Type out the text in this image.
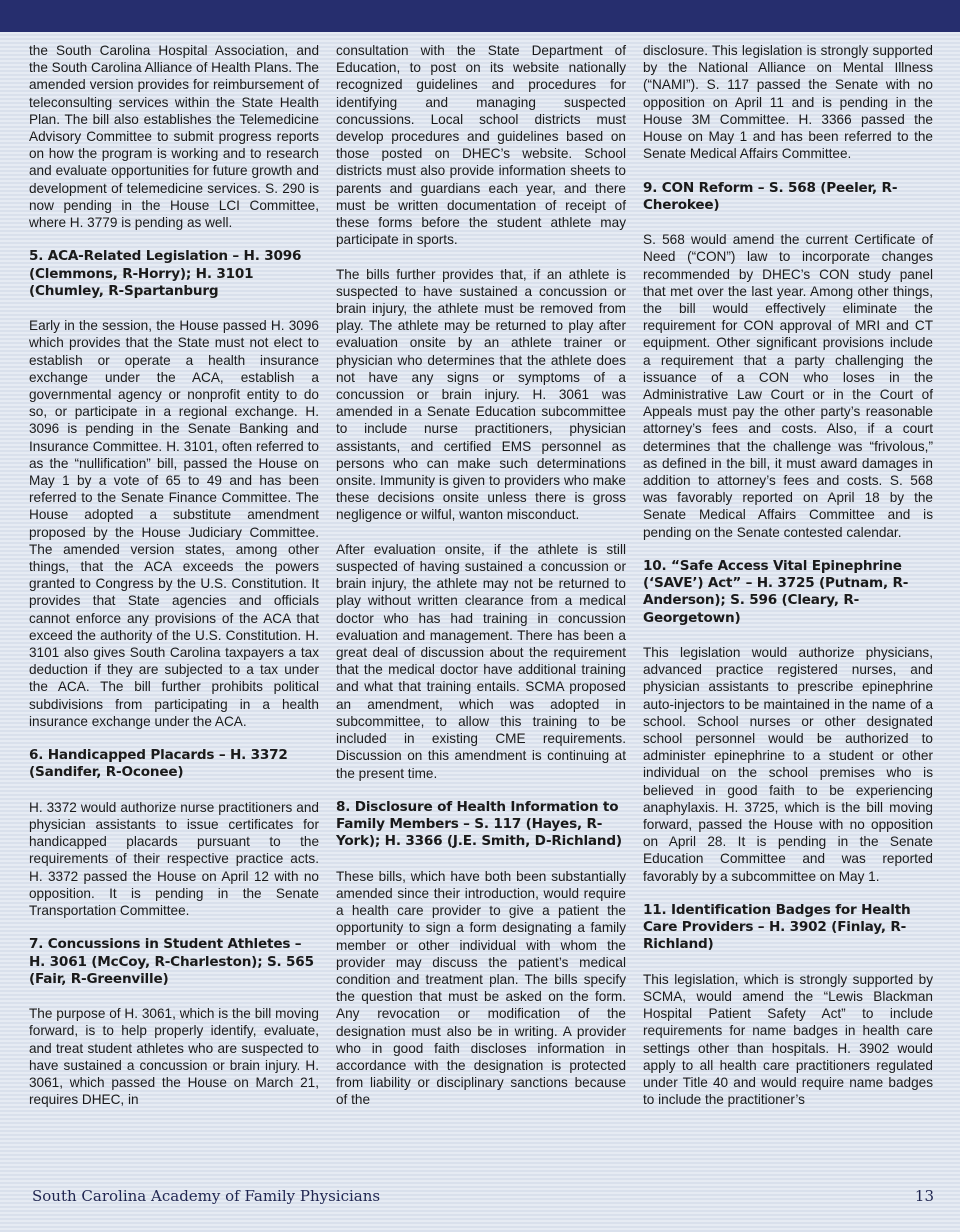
the South Carolina Hospital Association, and the South Carolina Alliance of Health Plans. The amended version provides for reimbursement of teleconsulting services within the State Health Plan. The bill also establishes the Telemedicine Advisory Committee to submit progress reports on how the program is working and to research and evaluate opportunities for future growth and development of telemedicine services. S. 290 is now pending in the House LCI Committee, where H. 3779 is pending as well.

5. ACA-Related Legislation – H. 3096 (Clemmons, R-Horry); H. 3101 (Chumley, R-Spartanburg

Early in the session, the House passed H. 3096 which provides that the State must not elect to establish or operate a health insurance exchange under the ACA, establish a governmental agency or nonprofit entity to do so, or participate in a regional exchange. H. 3096 is pending in the Senate Banking and Insurance Committee. H. 3101, often referred to as the “nullification” bill, passed the House on May 1 by a vote of 65 to 49 and has been referred to the Senate Finance Committee. The House adopted a substitute amendment proposed by the House Judiciary Committee. The amended version states, among other things, that the ACA exceeds the powers granted to Congress by the U.S. Constitution. It provides that State agencies and officials cannot enforce any provisions of the ACA that exceed the authority of the U.S. Constitution. H. 3101 also gives South Carolina taxpayers a tax deduction if they are subjected to a tax under the ACA. The bill further prohibits political subdivisions from participating in a health insurance exchange under the ACA.

6. Handicapped Placards – H. 3372 (Sandifer, R-Oconee)

H. 3372 would authorize nurse practitioners and physician assistants to issue certificates for handicapped placards pursuant to the requirements of their respective practice acts. H. 3372 passed the House on April 12 with no opposition. It is pending in the Senate Transportation Committee.

7. Concussions in Student Athletes – H. 3061 (McCoy, R-Charleston); S. 565 (Fair, R-Greenville)

The purpose of H. 3061, which is the bill moving forward, is to help properly identify, evaluate, and treat student athletes who are suspected to have sustained a concussion or brain injury. H. 3061, which passed the House on March 21, requires DHEC, in

consultation with the State Department of Education, to post on its website nationally recognized guidelines and procedures for identifying and managing suspected concussions. Local school districts must develop procedures and guidelines based on those posted on DHEC’s website. School districts must also provide information sheets to parents and guardians each year, and there must be written documentation of receipt of these forms before the student athlete may participate in sports.

The bills further provides that, if an athlete is suspected to have sustained a concussion or brain injury, the athlete must be removed from play. The athlete may be returned to play after evaluation onsite by an athlete trainer or physician who determines that the athlete does not have any signs or symptoms of a concussion or brain injury. H. 3061 was amended in a Senate Education subcommittee to include nurse practitioners, physician assistants, and certified EMS personnel as persons who can make such determinations onsite. Immunity is given to providers who make these decisions onsite unless there is gross negligence or wilful, wanton misconduct.

After evaluation onsite, if the athlete is still suspected of having sustained a concussion or brain injury, the athlete may not be returned to play without written clearance from a medical doctor who has had training in concussion evaluation and management. There has been a great deal of discussion about the requirement that the medical doctor have additional training and what that training entails. SCMA proposed an amendment, which was adopted in subcommittee, to allow this training to be included in existing CME requirements. Discussion on this amendment is continuing at the present time.

8. Disclosure of Health Information to Family Members – S. 117 (Hayes, R-York); H. 3366 (J.E. Smith, D-Richland)

These bills, which have both been substantially amended since their introduction, would require a health care provider to give a patient the opportunity to sign a form designating a family member or other individual with whom the provider may discuss the patient’s medical condition and treatment plan. The bills specify the question that must be asked on the form. Any revocation or modification of the designation must also be in writing. A provider who in good faith discloses information in accordance with the designation is protected from liability or disciplinary sanctions because of the

disclosure. This legislation is strongly supported by the National Alliance on Mental Illness (“NAMI”). S. 117 passed the Senate with no opposition on April 11 and is pending in the House 3M Committee. H. 3366 passed the House on May 1 and has been referred to the Senate Medical Affairs Committee.

9. CON Reform – S. 568 (Peeler, R-Cherokee)

S. 568 would amend the current Certificate of Need (“CON”) law to incorporate changes recommended by DHEC’s CON study panel that met over the last year. Among other things, the bill would effectively eliminate the requirement for CON approval of MRI and CT equipment. Other significant provisions include a requirement that a party challenging the issuance of a CON who loses in the Administrative Law Court or in the Court of Appeals must pay the other party’s reasonable attorney’s fees and costs. Also, if a court determines that the challenge was “frivolous,” as defined in the bill, it must award damages in addition to attorney’s fees and costs. S. 568 was favorably reported on April 18 by the Senate Medical Affairs Committee and is pending on the Senate contested calendar.

10. “Safe Access Vital Epinephrine (‘SAVE’) Act” – H. 3725 (Putnam, R-Anderson); S. 596 (Cleary, R-Georgetown)

This legislation would authorize physicians, advanced practice registered nurses, and physician assistants to prescribe epinephrine auto-injectors to be maintained in the name of a school. School nurses or other designated school personnel would be authorized to administer epinephrine to a student or other individual on the school premises who is believed in good faith to be experiencing anaphylaxis. H. 3725, which is the bill moving forward, passed the House with no opposition on April 28. It is pending in the Senate Education Committee and was reported favorably by a subcommittee on May 1.

11. Identification Badges for Health Care Providers – H. 3902 (Finlay, R-Richland)

This legislation, which is strongly supported by SCMA, would amend the “Lewis Blackman Hospital Patient Safety Act” to include requirements for name badges in health care settings other than hospitals. H. 3902 would apply to all health care practitioners regulated under Title 40 and would require name badges to include the practitioner’s

South Carolina Academy of Family Physicians	13
